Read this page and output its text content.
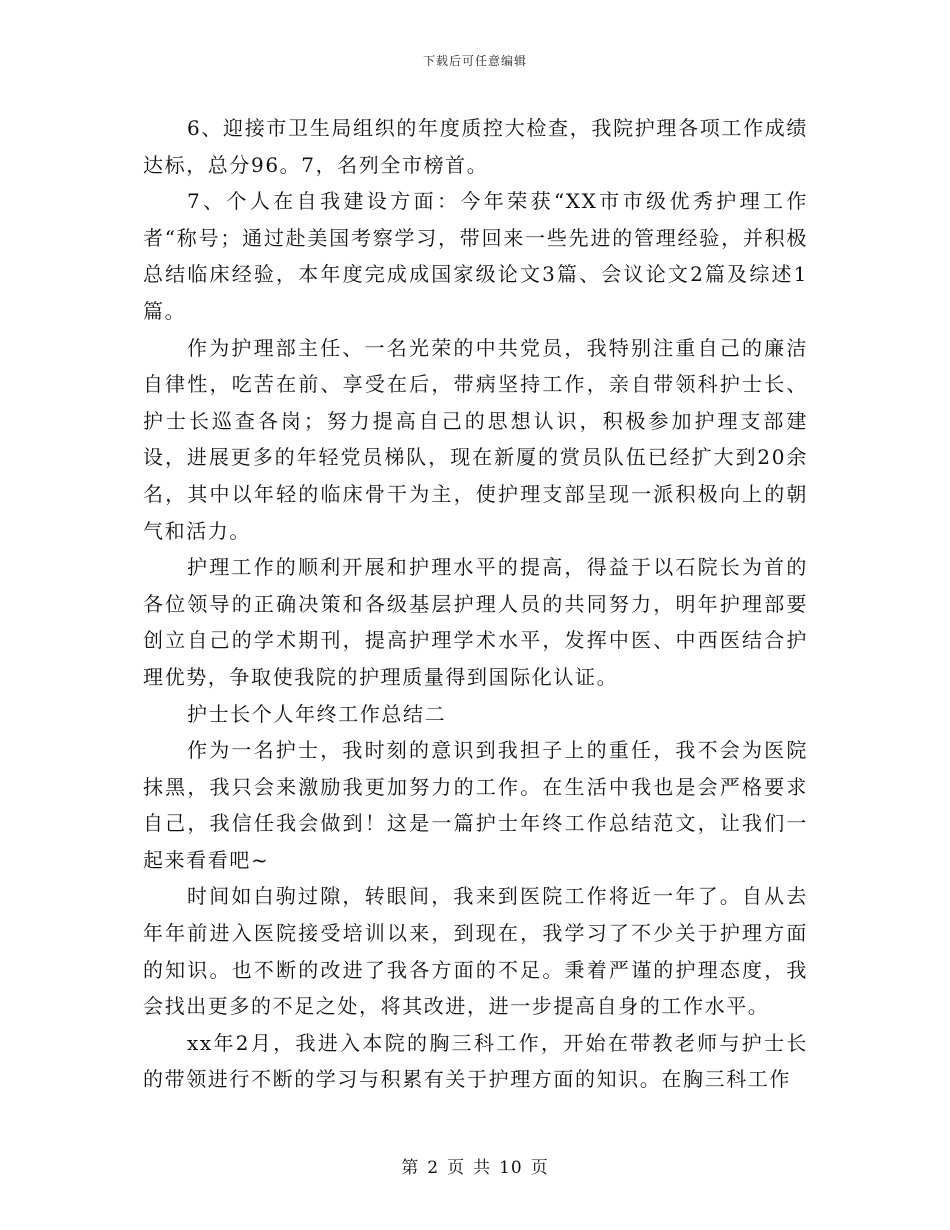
下载后可任意编辑

6、迎接市卫生局组织的年度质控大检查，我院护理各项工作成绩达标，总分96。7，名列全市榜首。

7、个人在自我建设方面：今年荣获“XX市市级优秀护理工作者“称号；通过赴美国考察学习，带回来一些先进的管理经验，并积极总结临床经验，本年度完成成国家级论文3篇、会议论文2篇及综述1篇。

作为护理部主任、一名光荣的中共党员，我特别注重自己的廉洁自律性，吃苦在前、享受在后，带病坚持工作，亲自带领科护士长、护士长巡查各岗；努力提高自己的思想认识，积极参加护理支部建设，进展更多的年轻党员梯队，现在新厦的赏员队伍已经扩大到20余名，其中以年轻的临床骨干为主，使护理支部呈现一派积极向上的朝气和活力。

护理工作的顺利开展和护理水平的提高，得益于以石院长为首的各位领导的正确决策和各级基层护理人员的共同努力，明年护理部要创立自己的学术期刊，提高护理学术水平，发挥中医、中西医结合护理优势，争取使我院的护理质量得到国际化认证。

护士长个人年终工作总结二

作为一名护士，我时刻的意识到我担子上的重任，我不会为医院抹黑，我只会来激励我更加努力的工作。在生活中我也是会严格要求自己，我信任我会做到！这是一篇护士年终工作总结范文，让我们一起来看看吧~

时间如白驹过隙，转眼间，我来到医院工作将近一年了。自从去年年前进入医院接受培训以来，到现在，我学习了不少关于护理方面的知识。也不断的改进了我各方面的不足。秉着严谨的护理态度，我会找出更多的不足之处，将其改进，进一步提高自身的工作水平。

xx年2月，我进入本院的胸三科工作，开始在带教老师与护士长的带领进行不断的学习与积累有关于护理方面的知识。在胸三科工作

第 2 页 共 10 页
